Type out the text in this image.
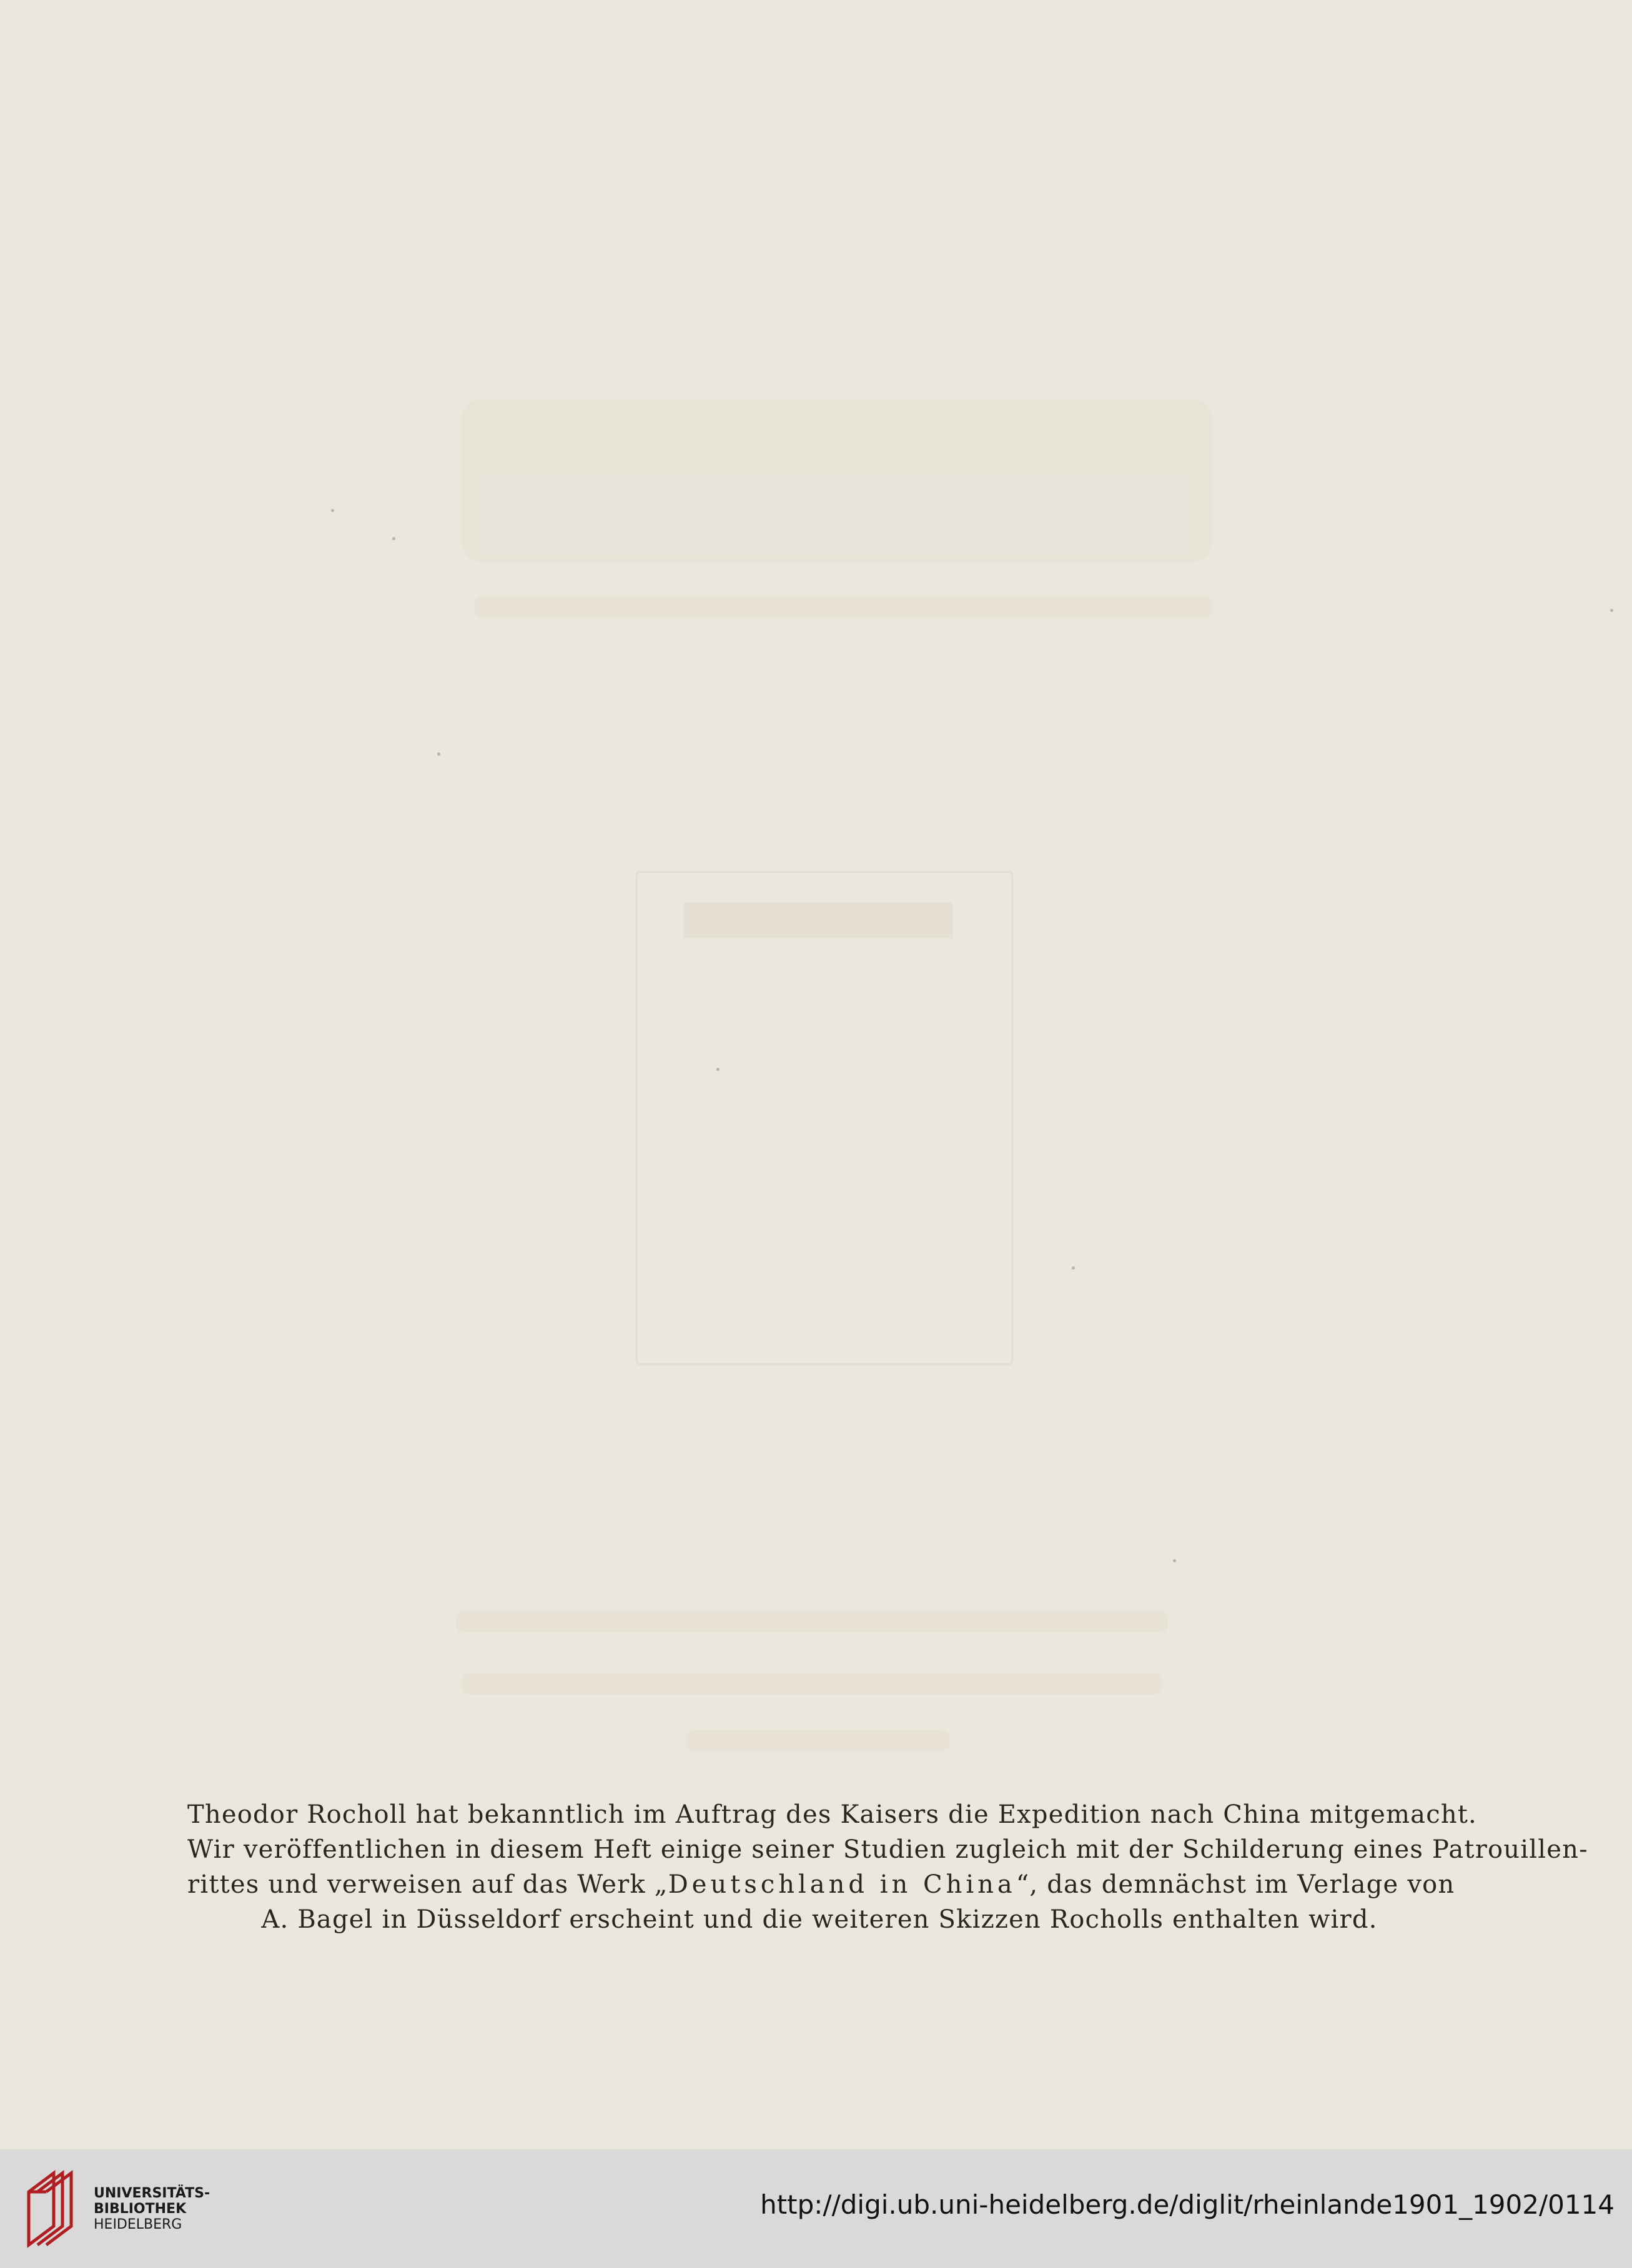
Theodor Rocholl hat bekanntlich im Auftrag des Kaisers die Expedition nach China mitgemacht.
Wir veröffentlichen in diesem Heft einige seiner Studien zugleich mit der Schilderung eines Patrouillen-
rittes und verweisen auf das Werk „Deutschland in China“, das demnächst im Verlage von
A. Bagel in Düsseldorf erscheint und die weiteren Skizzen Rocholls enthalten wird.
UNIVERSITÄTS-
BIBLIOTHEK
HEIDELBERG
http://digi.ub.uni-heidelberg.de/diglit/rheinlande1901_1902/0114
